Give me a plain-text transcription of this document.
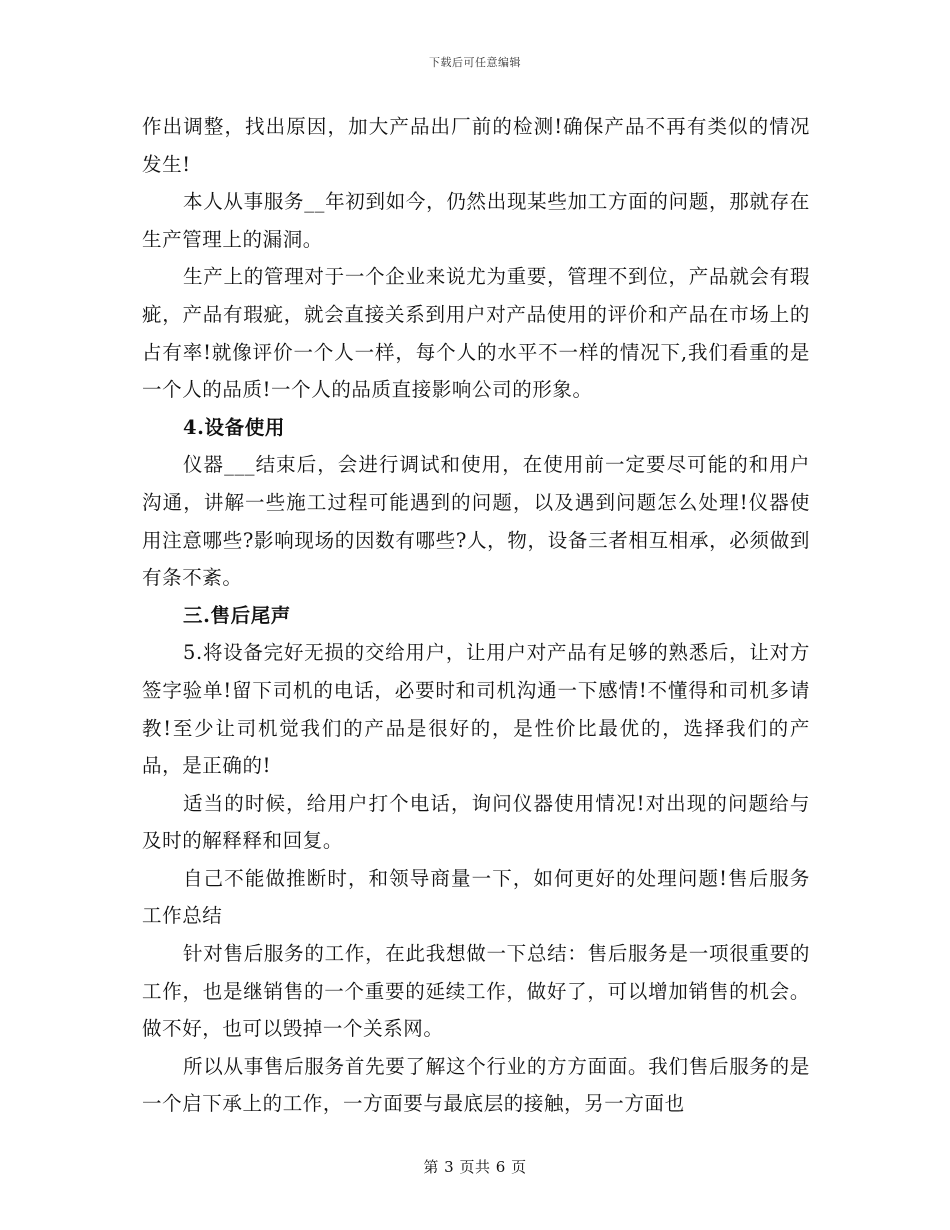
下载后可任意编辑

作出调整，找出原因，加大产品出厂前的检测!确保产品不再有类似的情况发生!

本人从事服务__年初到如今，仍然出现某些加工方面的问题，那就存在生产管理上的漏洞。

生产上的管理对于一个企业来说尤为重要，管理不到位，产品就会有瑕疵，产品有瑕疵，就会直接关系到用户对产品使用的评价和产品在市场上的占有率!就像评价一个人一样，每个人的水平不一样的情况下,我们看重的是一个人的品质!一个人的品质直接影响公司的形象。

4.设备使用

仪器___结束后，会进行调试和使用，在使用前一定要尽可能的和用户沟通，讲解一些施工过程可能遇到的问题，以及遇到问题怎么处理!仪器使用注意哪些?影响现场的因数有哪些?人，物，设备三者相互相承，必须做到有条不紊。

三.售后尾声

5.将设备完好无损的交给用户，让用户对产品有足够的熟悉后，让对方签字验单!留下司机的电话，必要时和司机沟通一下感情!不懂得和司机多请教!至少让司机觉我们的产品是很好的，是性价比最优的，选择我们的产品，是正确的!

适当的时候，给用户打个电话，询问仪器使用情况!对出现的问题给与及时的解释释和回复。

自己不能做推断时，和领导商量一下，如何更好的处理问题!售后服务工作总结

针对售后服务的工作，在此我想做一下总结：售后服务是一项很重要的工作，也是继销售的一个重要的延续工作，做好了，可以增加销售的机会。做不好，也可以毁掉一个关系网。

所以从事售后服务首先要了解这个行业的方方面面。我们售后服务的是一个启下承上的工作，一方面要与最底层的接触，另一方面也

第 3 页共 6 页
